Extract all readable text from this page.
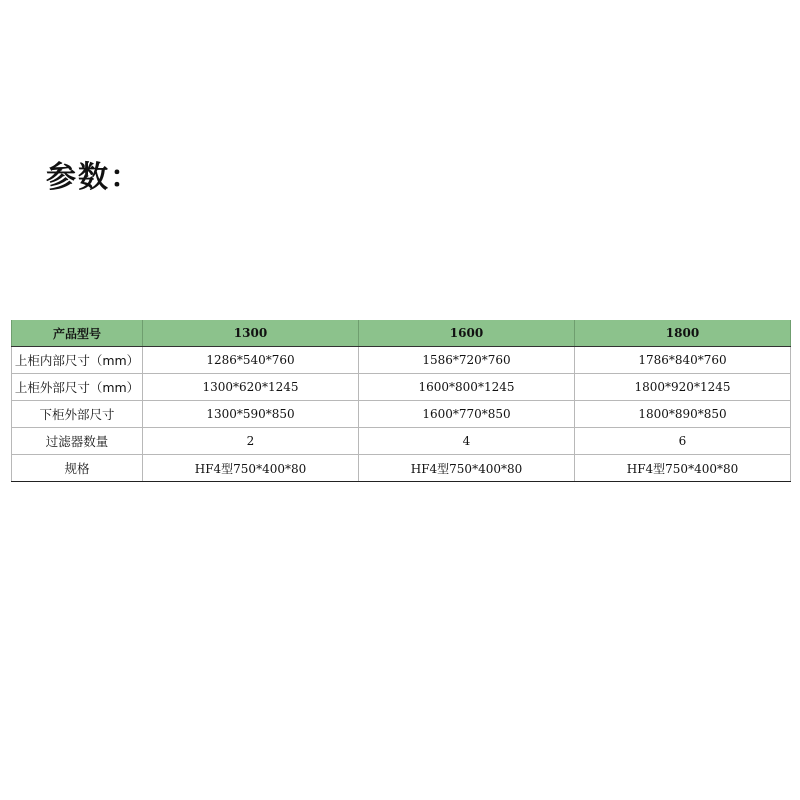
参数：
产品型号	1300	1600	1800
上柜内部尺寸（mm）	1286*540*760	1586*720*760	1786*840*760
上柜外部尺寸（mm）	1300*620*1245	1600*800*1245	1800*920*1245
下柜外部尺寸	1300*590*850	1600*770*850	1800*890*850
过滤器数量	2	4	6
规格	HF4型750*400*80	HF4型750*400*80	HF4型750*400*80
